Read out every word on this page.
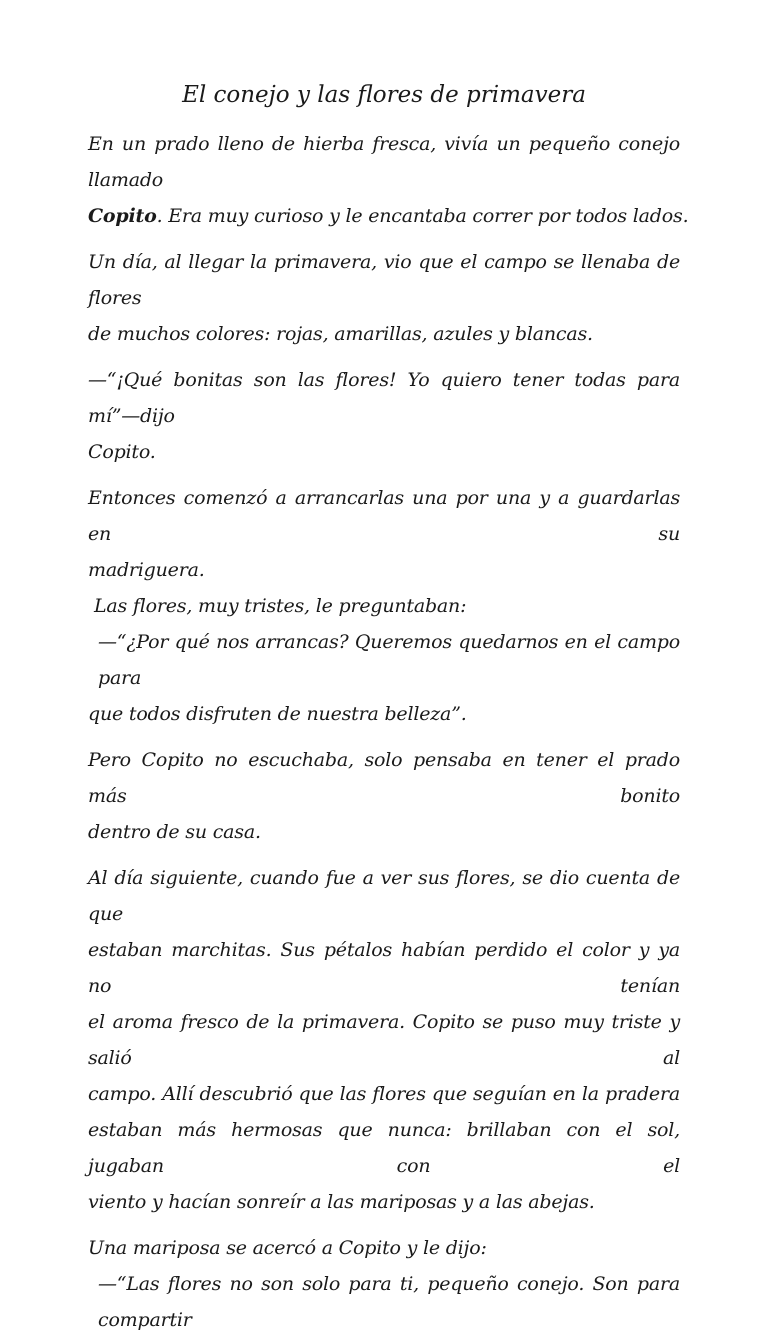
El conejo y las flores de primavera
En un prado lleno de hierba fresca, vivía un pequeño conejo llamado
Copito. Era muy curioso y le encantaba correr por todos lados.
Un día, al llegar la primavera, vio que el campo se llenaba de flores
de muchos colores: rojas, amarillas, azules y blancas.
—“¡Qué bonitas son las flores! Yo quiero tener todas para mí”—dijo
Copito.
Entonces comenzó a arrancarlas una por una y a guardarlas en su
madriguera.
Las flores, muy tristes, le preguntaban:
—“¿Por qué nos arrancas? Queremos quedarnos en el campo para
que todos disfruten de nuestra belleza”.
Pero Copito no escuchaba, solo pensaba en tener el prado más bonito
dentro de su casa.
Al día siguiente, cuando fue a ver sus flores, se dio cuenta de que
estaban marchitas. Sus pétalos habían perdido el color y ya no tenían
el aroma fresco de la primavera. Copito se puso muy triste y salió al
campo. Allí descubrió que las flores que seguían en la pradera
estaban más hermosas que nunca: brillaban con el sol, jugaban con el
viento y hacían sonreír a las mariposas y a las abejas.
Una mariposa se acercó a Copito y le dijo:
—“Las flores no son solo para ti, pequeño conejo. Son para compartir
